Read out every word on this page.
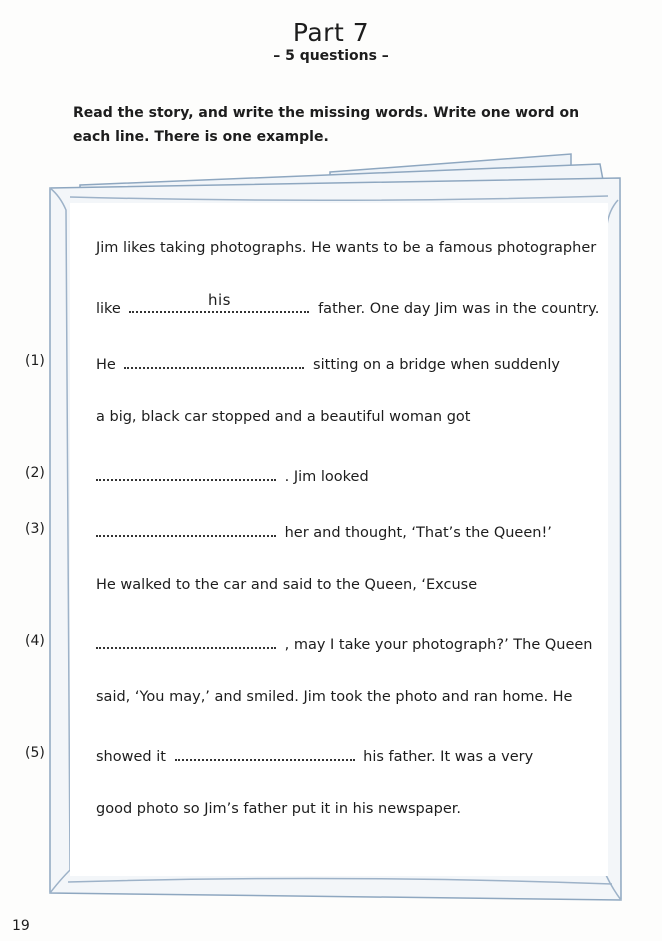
Part 7
– 5 questions –
Read the story, and write the missing words. Write one word on each line. There is one example.
Jim likes taking photographs. He wants to be a famous photographer
like	his	father. One day Jim was in the country.
(1)	He	sitting on a bridge when suddenly
a big, black car stopped and a beautiful woman got
(2)	. Jim looked
(3)	her and thought, ‘That’s the Queen!’
He walked to the car and said to the Queen, ‘Excuse
(4)	, may I take your photograph?’ The Queen
said, ‘You may,’ and smiled. Jim took the photo and ran home. He
(5)	showed it	his father. It was a very
good photo so Jim’s father put it in his newspaper.
19
